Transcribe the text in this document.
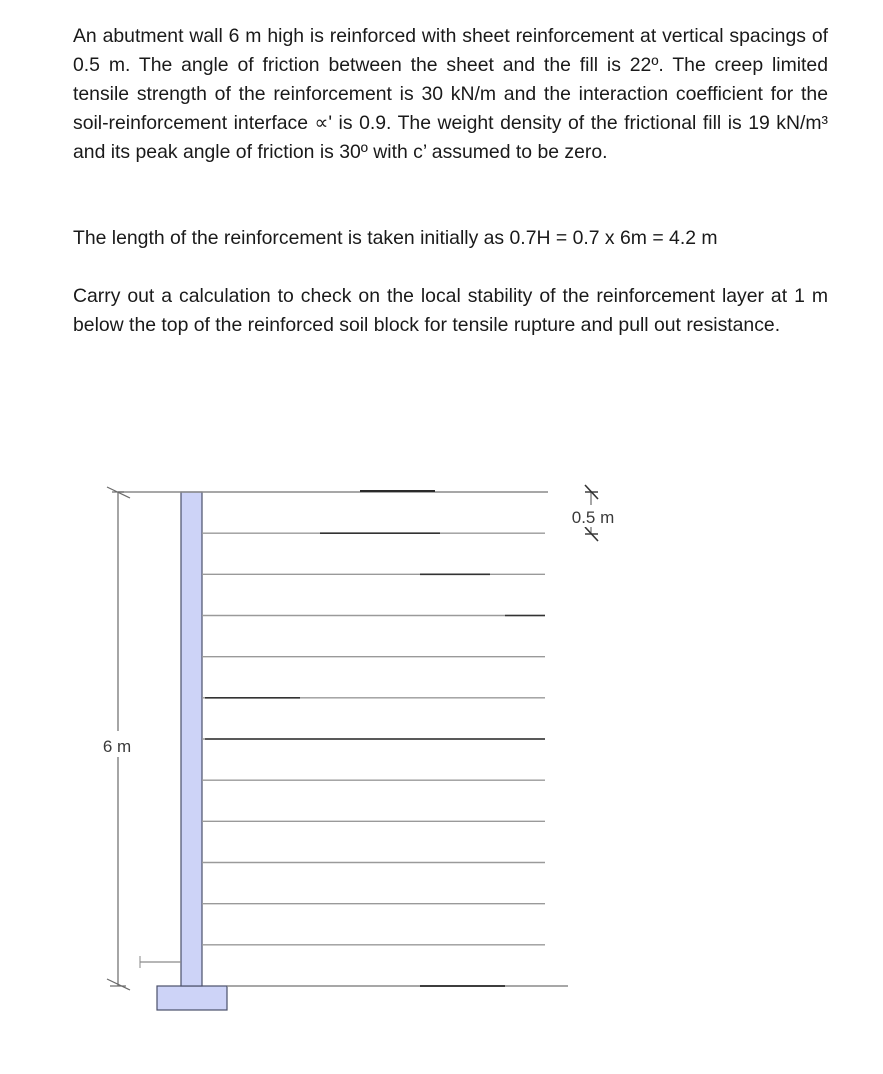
An abutment wall 6 m high is reinforced with sheet reinforcement at vertical spacings of 0.5 m. The angle of friction between the sheet and the fill is 22º. The creep limited tensile strength of the reinforcement is 30 kN/m and the interaction coefficient for the soil-reinforcement interface ∝' is 0.9. The weight density of the frictional fill is 19 kN/m³ and its peak angle of friction is 30º with c’ assumed to be zero.

The length of the reinforcement is taken initially as 0.7H = 0.7 x 6m = 4.2 m

Carry out a calculation to check on the local stability of the reinforcement layer at 1 m below the top of the reinforced soil block for tensile rupture and pull out resistance.

6 m
0.5 m
